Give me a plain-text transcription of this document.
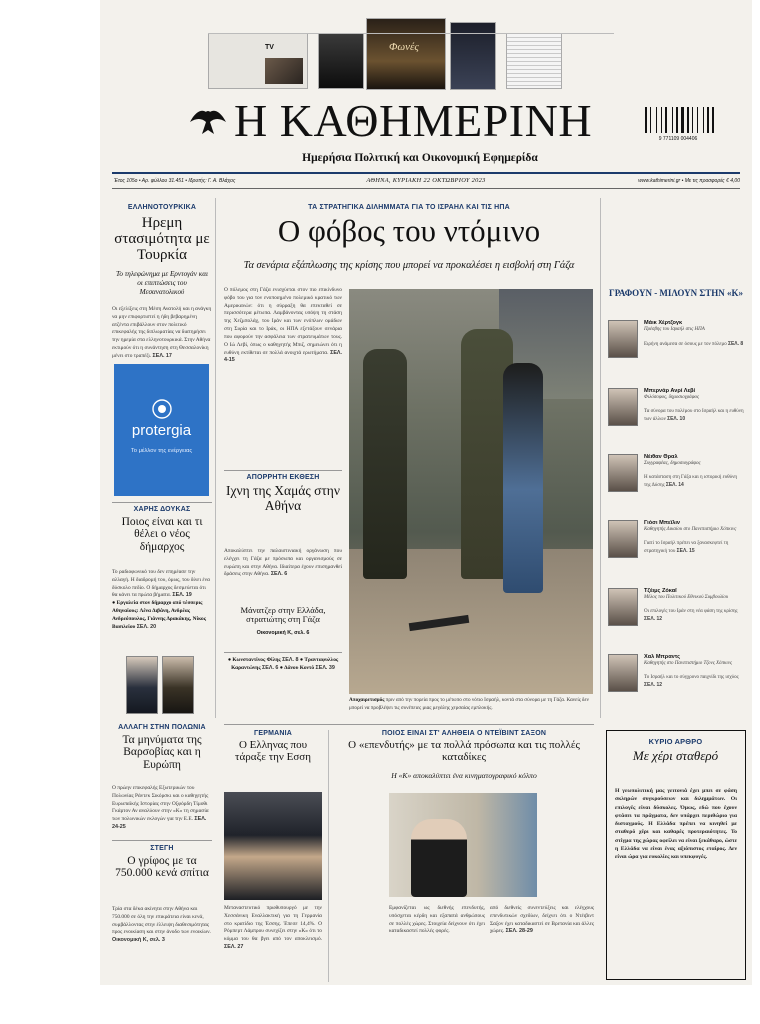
TV	Φωνές
Η ΚΑΘΗΜΕΡΙΝΗ	9 771109 004406
Ημερήσια Πολιτική και Οικονομική Εφημερίδα
Έτος 105ο • Αρ. φύλλου 31.451 • Ιδρυτής: Γ. Α. Βλάχος	ΑΘΗΝΑ, ΚΥΡΙΑΚΗ 22 ΟΚΤΩΒΡΙΟΥ 2023	www.kathimerini.gr • Με τις προσφορές € 4,00
ΕΛΛΗΝΟΤΟΥΡΚΙΚΑ
Ηρεμη στασιμότητα με Τουρκία
Το τηλεφώνημα με Ερντογάν και οι επιπτώσεις του Μεσανατολικού
Οι εξελίξεις στη Μέση Ανατολή και η ανάγκη να μην επιφορτιστεί η ήδη βεβαρημένη ατζέντα επιβάλλουν στον πολιτικό επικεφαλής της διπλωματίας να διατηρήσει την ηρεμία στα ελληνοτουρκικά. Στην Αθήνα εκτιμούν ότι η συνάντηση στη Θεσσαλονίκη μένει στο τραπέζι. ΣΕΛ. 17
protergia
Το μέλλον της ενέργειας
ΧΑΡΗΣ ΔΟΥΚΑΣ
Ποιος είναι και τι θέλει ο νέος δήμαρχος
Το ραδιοφωνικό του δεν επηρέασε την αλλαγή. Η διαδρομή του, όμως, του δίνει ένα δύσκολο πεδίο. Ο δήμαρχος δεσμεύεται ότι θα κάνει τα πρώτα βήματα. ΣΕΛ. 19
● Εργαλεία στον δήμαρχο από τέσσερις Αθηναίους: Λένα Διβάνη, Ανδρέας Ανδρεόπουλος, Γιάννης Δρακάκης, Νίκος Βασιλείου ΣΕΛ. 20
ΑΛΛΑΓΗ ΣΤΗΝ ΠΟΛΩΝΙΑ
Τα μηνύματα της Βαρσοβίας και η Ευρώπη
Ο πρώην επικεφαλής Εξωτερικών του Πολωνίας Ράντεκ Σικόρσκι και ο καθηγητής Ευρωπαϊκής Ιστορίας στην Οξφόρδη Τίμοθι Γκάρτον Αν αναλύουν στην «Κ» τη σημασία των πολωνικών εκλογών για την Ε.Ε. ΣΕΛ. 24-25
ΣΤΕΓΗ
Ο γρίφος με τα 750.000 κενά σπίτια
Τρία στα δέκα ακίνητα στην Αθήνα και 750.000 σε όλη την επικράτεια είναι κενά, συμβάλλοντας στην έλλειψη διαθεσιμότητας προς ενοικίαση και στην άνοδο των ενοικίων. Οικονομική Κ, σελ. 3
ΤΑ ΣΤΡΑΤΗΓΙΚΑ ΔΙΛΗΜΜΑΤΑ ΓΙΑ ΤΟ ΙΣΡΑΗΛ ΚΑΙ ΤΙΣ ΗΠΑ
Ο φόβος του ντόμινο
Τα σενάρια εξάπλωσης της κρίσης που μπορεί να προκαλέσει η εισβολή στη Γάζα
Ο πόλεμος στη Γάζα ενισχύεται στον πιο επικίνδυνο φόβο του για τον ενοποιημένο πολεμικό κρατικό των Αμερικανών: ότι η σύρραξη θα επεκταθεί σε περισσότερα μέτωπα. Λαμβάνοντας υπόψη τη στάση της Χεζμπολάχ, του Ιράν και των ενόπλων ομάδων στη Συρία και το Ιράκ, οι ΗΠΑ εξετάζουν σενάρια που αφορούν την ασφάλεια των στρατευμάτων τους. Ο Ιώ Λεβί, όπως ο καθηγητής Μπιζ, σημειώνει ότι η ευθύνη εκτίθεται σε πολλά ανοιχτά ερωτήματα. ΣΕΛ. 4-15
Αποχαιρετισμός πριν από την πορεία προς το μέτωπο στο νότιο Ισραήλ, κοντά στα σύνορα με τη Γάζα. Κανείς δεν μπορεί να προβλέψει τις συνέπειες μιας μεγάλης χερσαίας εμπλοκής.
ΑΠΟΡΡΗΤΗ ΕΚΘΕΣΗ
Ιχνη της Χαμάς στην Αθήνα
Αποκαλύπτει την παλαιστινιακή οργάνωση που ελέγχει τη Γάζα με πρόσωπα και οργανισμούς σε ευρώπη και στην Αθήνα. Ιδιαίτερα έχουν επισημανθεί δράσεις στην Αθήνα. ΣΕΛ. 6
Μάνατζερ στην Ελλάδα, στρατιώτης στη Γάζα
Οικονομική Κ, σελ. 6
● Κωνσταντίνος Φίλης ΣΕΛ. 8 ● Τρανταφυλλος Καραντώνης ΣΕΛ. 6 ● Δάνου Κοντό ΣΕΛ. 39
ΓΕΡΜΑΝΙΑ
Ο Ελληνας που τάραξε την Εσση
Μεταναστευτικό πρωθυπουργό με την Χεσσάνικη Εναλλακτική για τη Γερμανία στο κρατίδιο της Έσσης. Έπεσε 14,4%. Ο Ρόμπερτ Λάμπρου συνεχίζει στην «Κ» ότι το κόμμα του θα βγει από τον αποκλεισμό. ΣΕΛ. 27
ΠΟΙΟΣ ΕΙΝΑΙ ΣΤ' ΑΛΗΘΕΙΑ Ο ΝΤΕΪΒΙΝΤ ΣΑΞΟΝ
Ο «επενδυτής» με τα πολλά πρόσωπα και τις πολλές καταδίκες
Η «Κ» αποκαλύπτει ένα κινηματογραφικό κόλπο
Εμφανίζεται ως διεθνής επενδυτής, υπόσχεται κέρδη και εξαπατά ανθρώπους σε πολλές χώρες. Στοιχεία δείχνουν ότι έχει καταδικαστεί πολλές φορές.
από διεθνείς συνεντεύξεις και ελέγχους επενδυτικών σχεδίων, δείχνει ότι ο Ντέιβιντ Σαξον έχει καταδικαστεί σε Βρετανία και άλλες χώρες. ΣΕΛ. 28-29
ΓΡΑΦΟΥΝ - ΜΙΛΟΥΝ ΣΤΗΝ «Κ»
Μάικ Χέρτζογκ
Πρέσβης του Ισραήλ στις ΗΠΑ
Ειρήνη ανάμεσα σε όσους με τον πόλεμο ΣΕΛ. 8
Μπερνάρ Ανρί Λεβί
Φιλόσοφος, δημοσιογράφος
Τα σύνορα του πολέμου στο Ισραήλ και η ευθύνη των άλλων ΣΕΛ. 10
Νέιθαν Θραλ
Συγγραφέας, δημοσιογράφος
Η κατάσταση στη Γάζα και η ιστορική ευθύνη της Δύσης ΣΕΛ. 14
Γιόσι Μπεϊλιν
Καθηγητής Δικαίου στο Πανεπιστήμιο Χόπκινς
Γιατί το Ισραήλ πρέπει να ξανασκεφτεί τη στρατηγική του ΣΕΛ. 15
Τζέιμς Ζόκαϊ
Μέλος του Πολιτικού Εθνικού Συμβουλίου
Οι επιλογές του Ιράν στη νέα φάση της κρίσης ΣΕΛ. 12
Χαλ Μπραντς
Καθηγητής στο Πανεπιστήμιο Τζονς Χόπκινς
Το Ισραήλ και το σύγχρονο παιχνίδι της ισχύος ΣΕΛ. 12
ΚΥΡΙΟ ΑΡΘΡΟ
Με χέρι σταθερό
Η γεωπολιτική μας γειτονιά έχει μπει σε φάση σκληρών συγκρούσεων και διλημμάτων. Οι επιλογές είναι δύσκολες. Όμως, εδώ που έχουν φτάσει τα πράγματα, δεν υπάρχει περιθώριο για δισταγμούς. Η Ελλάδα πρέπει να κινηθεί με σταθερό χέρι και καθαρές προτεραιότητες. Το στίγμα της χώρας οφείλει να είναι ξεκάθαρο, ώστε η Ελλάδα να είναι ένας αξιόπιστος εταίρος. Δεν είναι ώρα για ευκολίες και υπεκφυγές.
